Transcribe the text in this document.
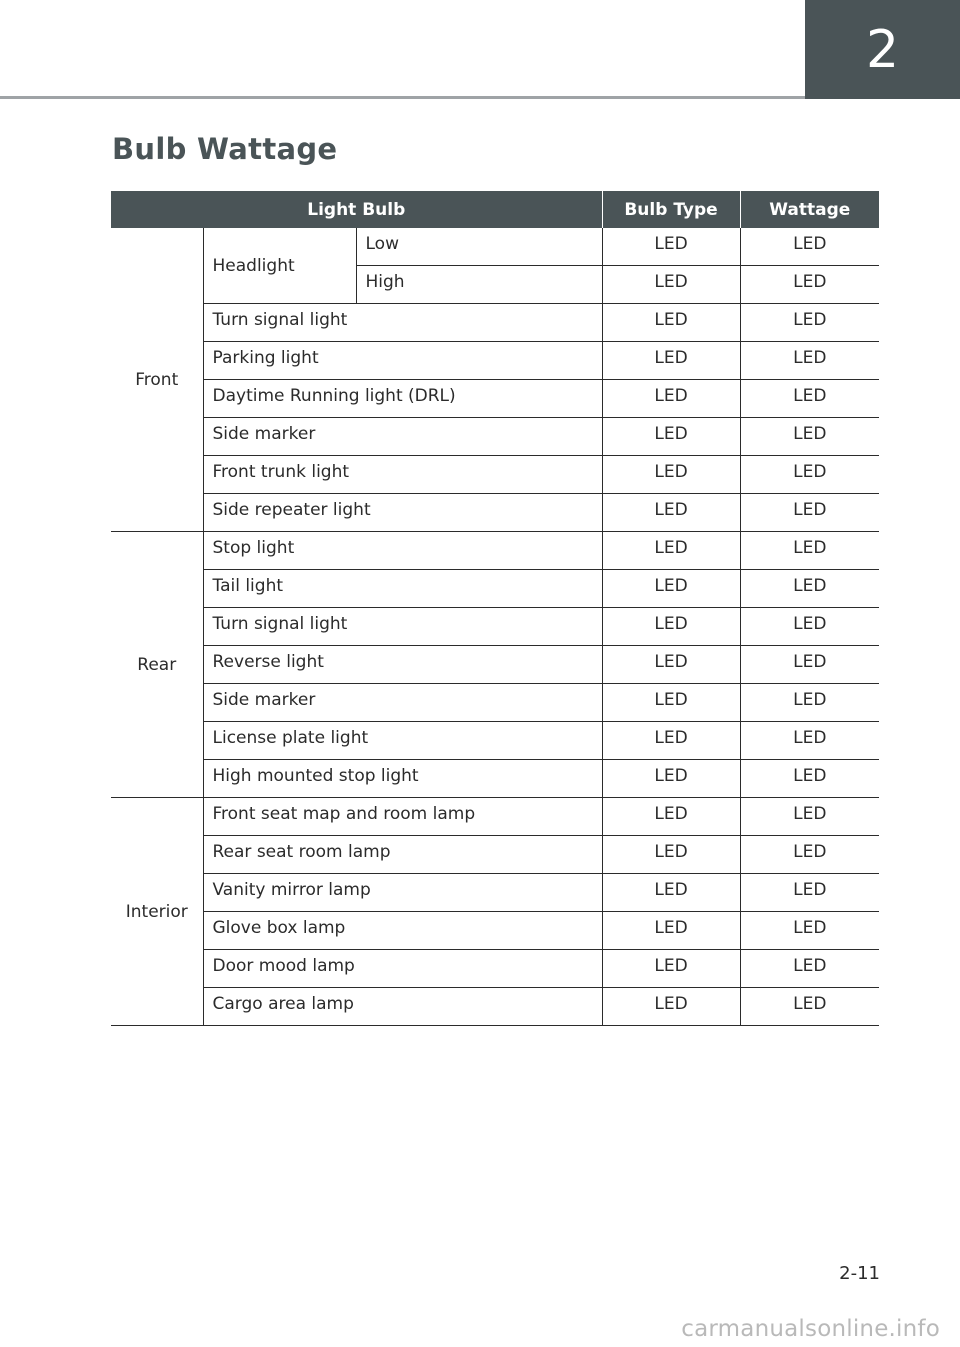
2
Bulb Wattage
Light Bulb			Bulb Type	Wattage
Front	Headlight	Low	LED	LED
		High	LED	LED
	Turn signal light		LED	LED
	Parking light		LED	LED
	Daytime Running light (DRL)		LED	LED
	Side marker		LED	LED
	Front trunk light		LED	LED
	Side repeater light		LED	LED
Rear	Stop light		LED	LED
	Tail light		LED	LED
	Turn signal light		LED	LED
	Reverse light		LED	LED
	Side marker		LED	LED
	License plate light		LED	LED
	High mounted stop light		LED	LED
Interior	Front seat map and room lamp		LED	LED
	Rear seat room lamp		LED	LED
	Vanity mirror lamp		LED	LED
	Glove box lamp		LED	LED
	Door mood lamp		LED	LED
	Cargo area lamp		LED	LED
2-11
carmanualsonline.info
